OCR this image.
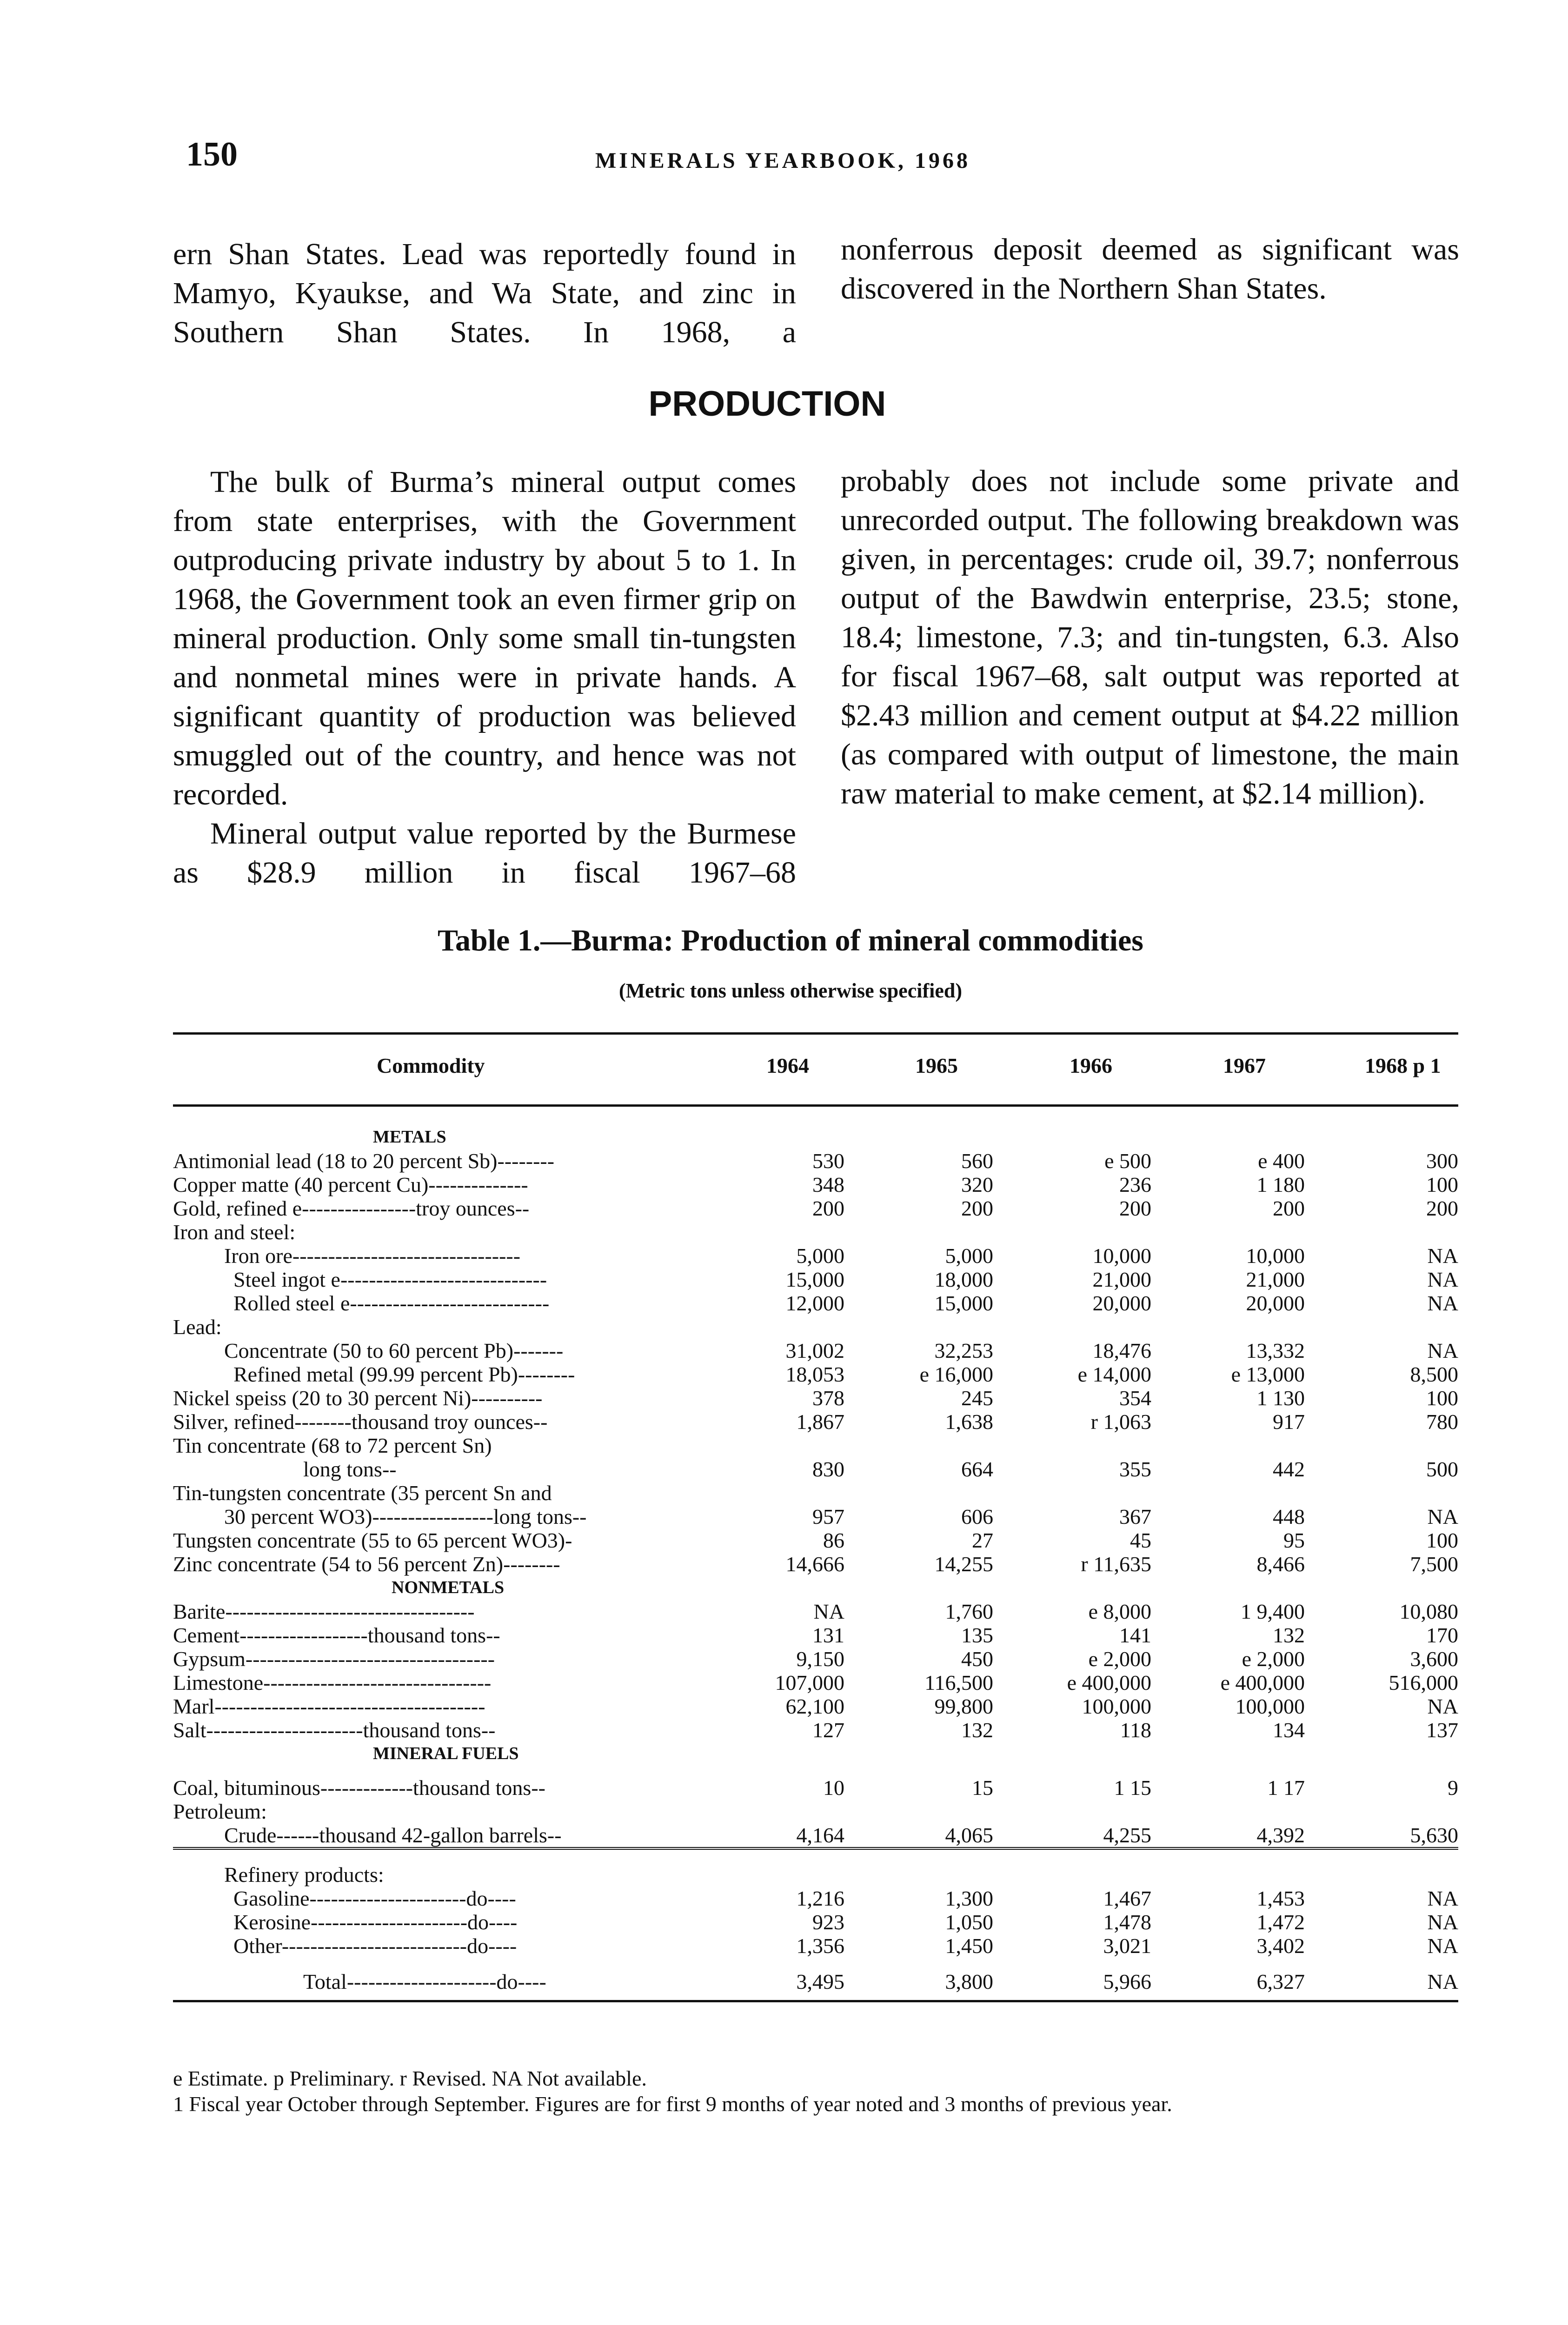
150	MINERALS YEARBOOK, 1968

ern Shan States. Lead was reportedly found in Mamyo, Kyaukse, and Wa State, and zinc in Southern Shan States. In 1968, a

nonferrous deposit deemed as significant was discovered in the Northern Shan States.

PRODUCTION

The bulk of Burma’s mineral output comes from state enterprises, with the Government outproducing private industry by about 5 to 1. In 1968, the Government took an even firmer grip on mineral production. Only some small tin-tungsten and nonmetal mines were in private hands. A significant quantity of production was believed smuggled out of the country, and hence was not recorded.

Mineral output value reported by the Burmese as $28.9 million in fiscal 1967–68

probably does not include some private and unrecorded output. The following breakdown was given, in percentages: crude oil, 39.7; nonferrous output of the Bawdwin enterprise, 23.5; stone, 18.4; limestone, 7.3; and tin-tungsten, 6.3. Also for fiscal 1967–68, salt output was reported at $2.43 million and cement output at $4.22 million (as compared with output of limestone, the main raw material to make cement, at $2.14 million).

Table 1.—Burma: Production of mineral commodities
(Metric tons unless otherwise specified)
Commodity	1964	1965	1966	1967	1968 p 1
METALS					
Antimonial lead (18 to 20 percent Sb)--------	530	560	e 500	e 400	300
Copper matte (40 percent Cu)--------------	348	320	236	1 180	100
Gold, refined e----------------troy ounces--	200	200	200	200	200
Iron and steel:					
Iron ore--------------------------------	5,000	5,000	10,000	10,000	NA
Steel ingot e-----------------------------	15,000	18,000	21,000	21,000	NA
Rolled steel e----------------------------	12,000	15,000	20,000	20,000	NA
Lead:					
Concentrate (50 to 60 percent Pb)-------	31,002	32,253	18,476	13,332	NA
Refined metal (99.99 percent Pb)--------	18,053	e 16,000	e 14,000	e 13,000	8,500
Nickel speiss (20 to 30 percent Ni)----------	378	245	354	1 130	100
Silver, refined--------thousand troy ounces--	1,867	1,638	r 1,063	917	780
Tin concentrate (68 to 72 percent Sn)					
long tons--	830	664	355	442	500
Tin-tungsten concentrate (35 percent Sn and					
30 percent WO3)-----------------long tons--	957	606	367	448	NA
Tungsten concentrate (55 to 65 percent WO3)-	86	27	45	95	100
Zinc concentrate (54 to 56 percent Zn)--------	14,666	14,255	r 11,635	8,466	7,500
NONMETALS					
Barite-----------------------------------	NA	1,760	e 8,000	1 9,400	10,080
Cement------------------thousand tons--	131	135	141	132	170
Gypsum-----------------------------------	9,150	450	e 2,000	e 2,000	3,600
Limestone--------------------------------	107,000	116,500	e 400,000	e 400,000	516,000
Marl--------------------------------------	62,100	99,800	100,000	100,000	NA
Salt----------------------thousand tons--	127	132	118	134	137
MINERAL FUELS					
Coal, bituminous-------------thousand tons--	10	15	1 15	1 17	9
Petroleum:					
Crude------thousand 42-gallon barrels--	4,164	4,065	4,255	4,392	5,630

Refinery products:					
Gasoline----------------------do----	1,216	1,300	1,467	1,453	NA
Kerosine----------------------do----	923	1,050	1,478	1,472	NA
Other--------------------------do----	1,356	1,450	3,021	3,402	NA

Total---------------------do----	3,495	3,800	5,966	6,327	NA
e Estimate. p Preliminary. r Revised. NA Not available.
1 Fiscal year October through September. Figures are for first 9 months of year noted and 3 months of previous year.
